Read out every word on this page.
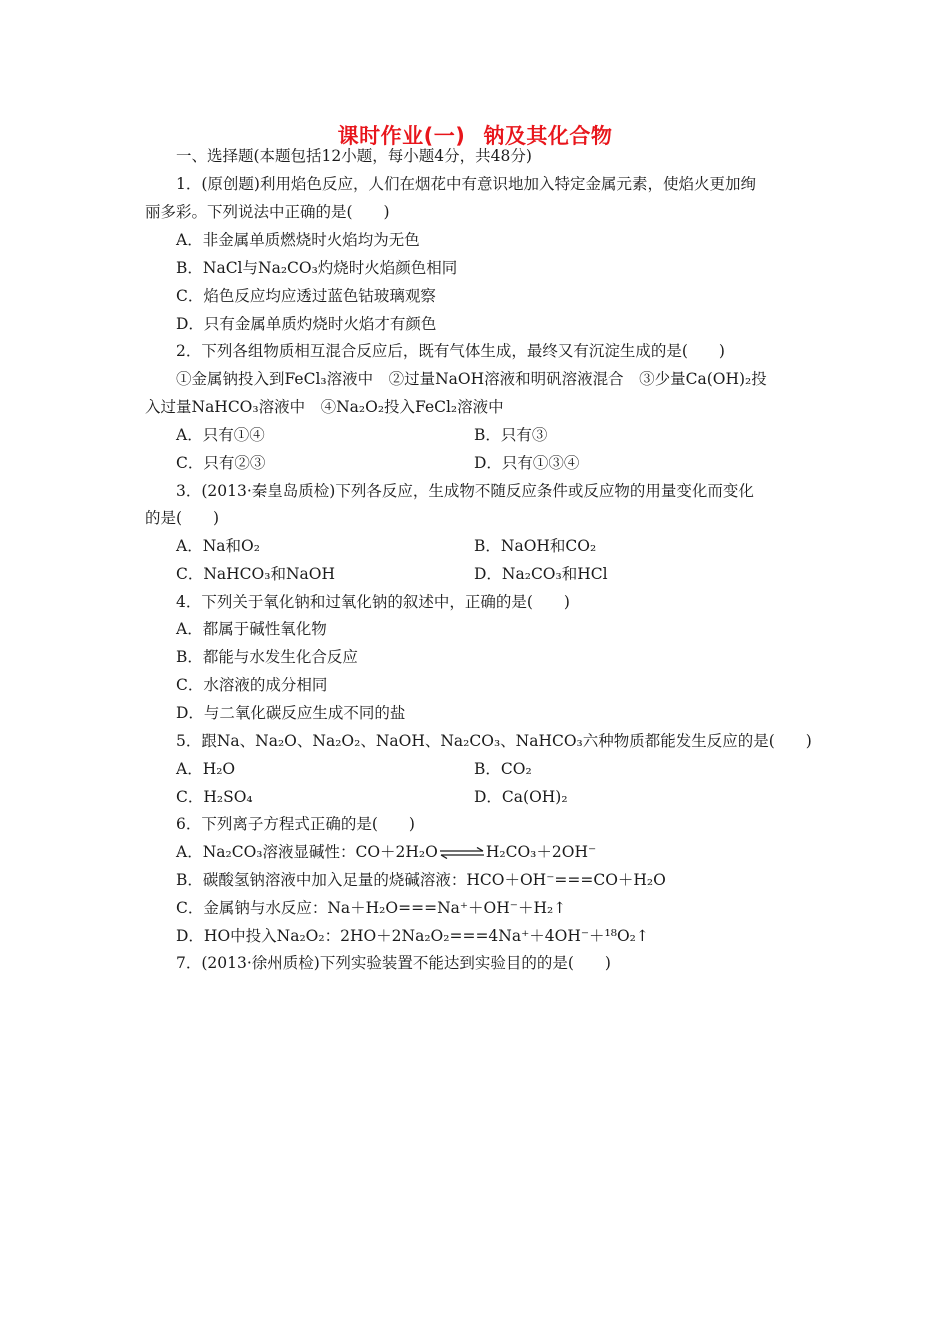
课时作业(一) 钠及其化合物
一、选择题(本题包括12小题，每小题4分，共48分)
1．(原创题)利用焰色反应，人们在烟花中有意识地加入特定金属元素，使焰火更加绚
丽多彩。下列说法中正确的是(　　)
A．非金属单质燃烧时火焰均为无色
B．NaCl与Na₂CO₃灼烧时火焰颜色相同
C．焰色反应均应透过蓝色钴玻璃观察
D．只有金属单质灼烧时火焰才有颜色
2．下列各组物质相互混合反应后，既有气体生成，最终又有沉淀生成的是(　　)
①金属钠投入到FeCl₃溶液中　②过量NaOH溶液和明矾溶液混合　③少量Ca(OH)₂投
入过量NaHCO₃溶液中　④Na₂O₂投入FeCl₂溶液中
A．只有①④	B．只有③
C．只有②③	D．只有①③④
3．(2013·秦皇岛质检)下列各反应，生成物不随反应条件或反应物的用量变化而变化
的是(　　)
A．Na和O₂	B．NaOH和CO₂
C．NaHCO₃和NaOH	D．Na₂CO₃和HCl
4．下列关于氧化钠和过氧化钠的叙述中，正确的是(　　)
A．都属于碱性氧化物
B．都能与水发生化合反应
C．水溶液的成分相同
D．与二氧化碳反应生成不同的盐
5．跟Na、Na₂O、Na₂O₂、NaOH、Na₂CO₃、NaHCO₃六种物质都能发生反应的是(　　)
A．H₂O	B．CO₂
C．H₂SO₄	D．Ca(OH)₂
6．下列离子方程式正确的是(　　)
A．Na₂CO₃溶液显碱性：CO＋2H₂O⇌H₂CO₃＋2OH⁻
B．碳酸氢钠溶液中加入足量的烧碱溶液：HCO＋OH⁻===CO＋H₂O
C．金属钠与水反应：Na＋H₂O===Na⁺＋OH⁻＋H₂↑
D．HO中投入Na₂O₂：2HO＋2Na₂O₂===4Na⁺＋4OH⁻＋¹⁸O₂↑
7．(2013·徐州质检)下列实验装置不能达到实验目的的是(　　)
